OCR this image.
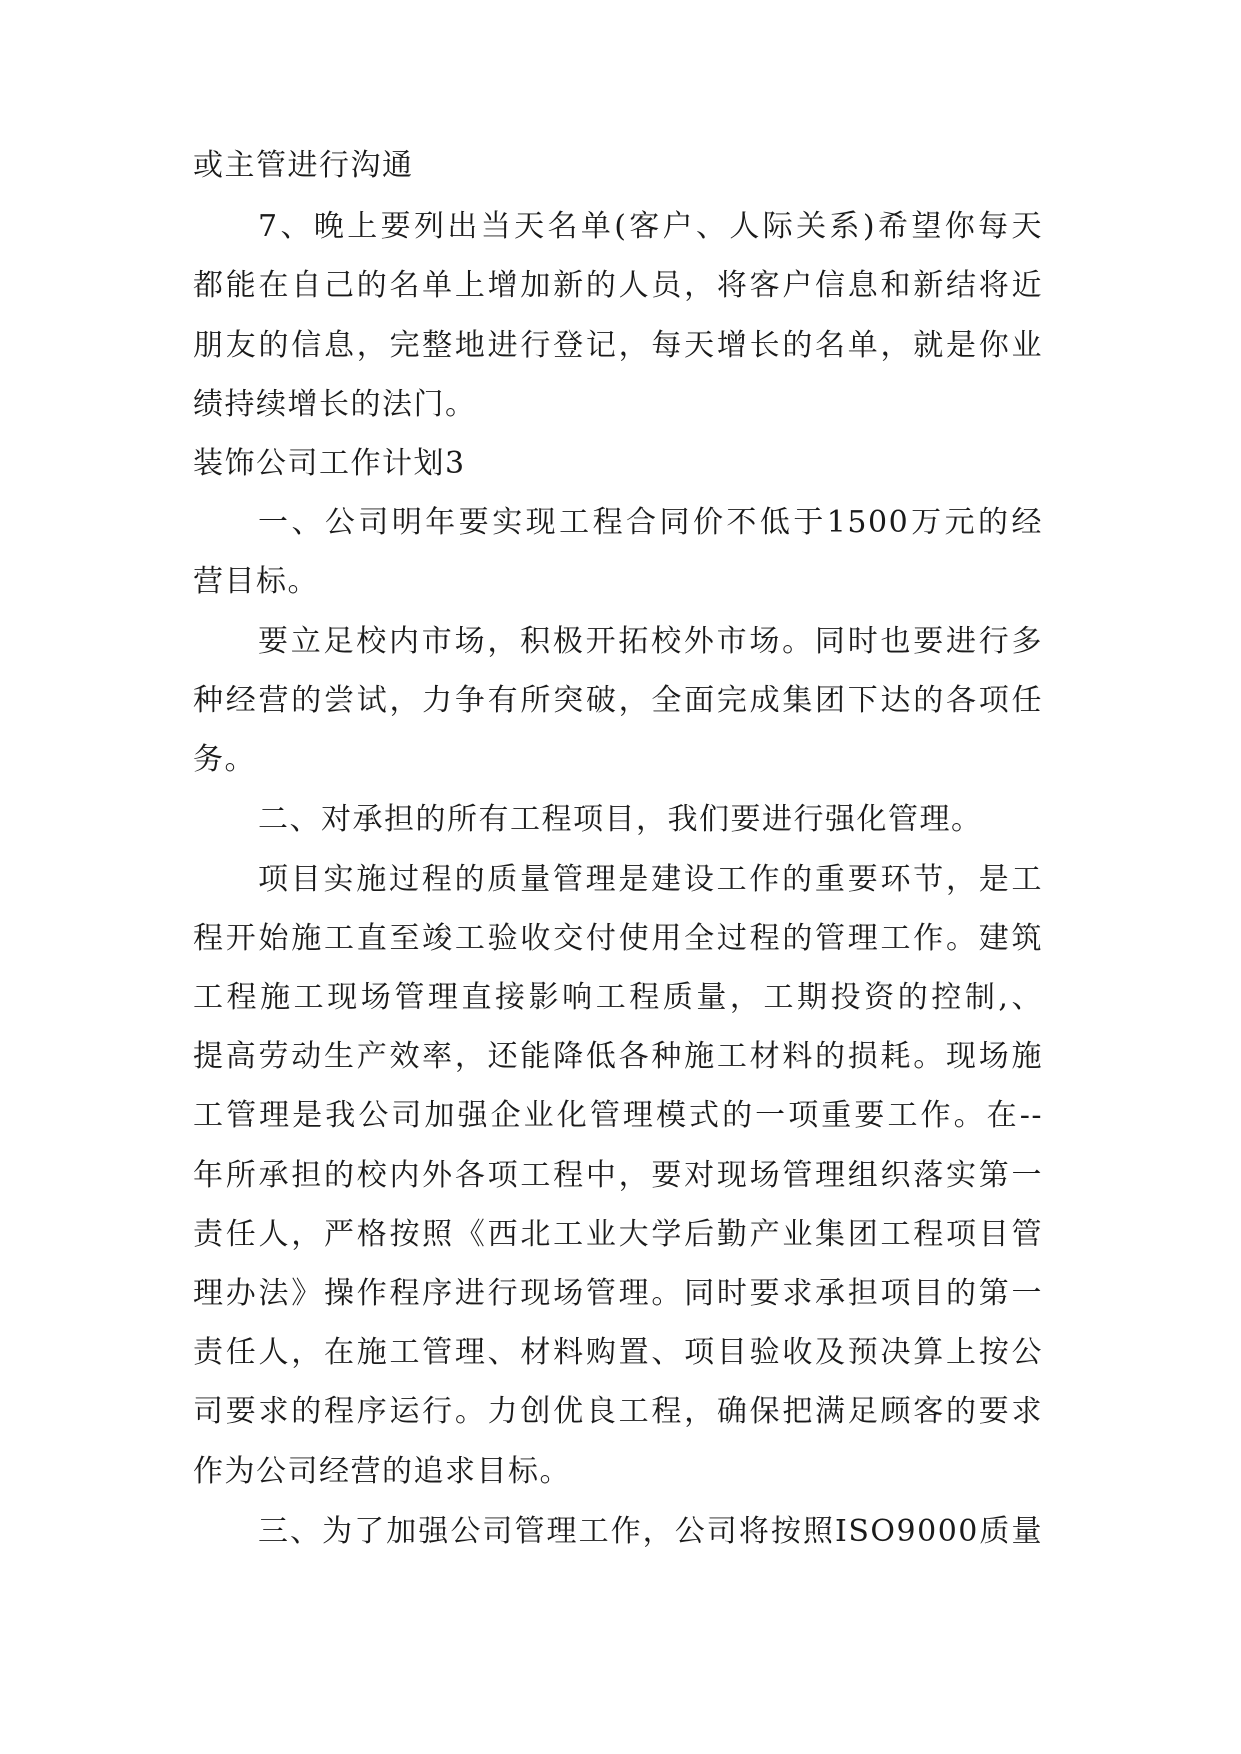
或主管进行沟通
7、晚上要列出当天名单(客户、人际关系)希望你每天
都能在自己的名单上增加新的人员，将客户信息和新结将近
朋友的信息，完整地进行登记，每天增长的名单，就是你业
绩持续增长的法门。
装饰公司工作计划3
一、公司明年要实现工程合同价不低于1500万元的经
营目标。
要立足校内市场，积极开拓校外市场。同时也要进行多
种经营的尝试，力争有所突破，全面完成集团下达的各项任
务。
二、对承担的所有工程项目，我们要进行强化管理。
项目实施过程的质量管理是建设工作的重要环节，是工
程开始施工直至竣工验收交付使用全过程的管理工作。建筑
工程施工现场管理直接影响工程质量，工期投资的控制,、
提高劳动生产效率，还能降低各种施工材料的损耗。现场施
工管理是我公司加强企业化管理模式的一项重要工作。在--
年所承担的校内外各项工程中，要对现场管理组织落实第一
责任人，严格按照《西北工业大学后勤产业集团工程项目管
理办法》操作程序进行现场管理。同时要求承担项目的第一
责任人，在施工管理、材料购置、项目验收及预决算上按公
司要求的程序运行。力创优良工程，确保把满足顾客的要求
作为公司经营的追求目标。
三、为了加强公司管理工作，公司将按照ISO9000质量
